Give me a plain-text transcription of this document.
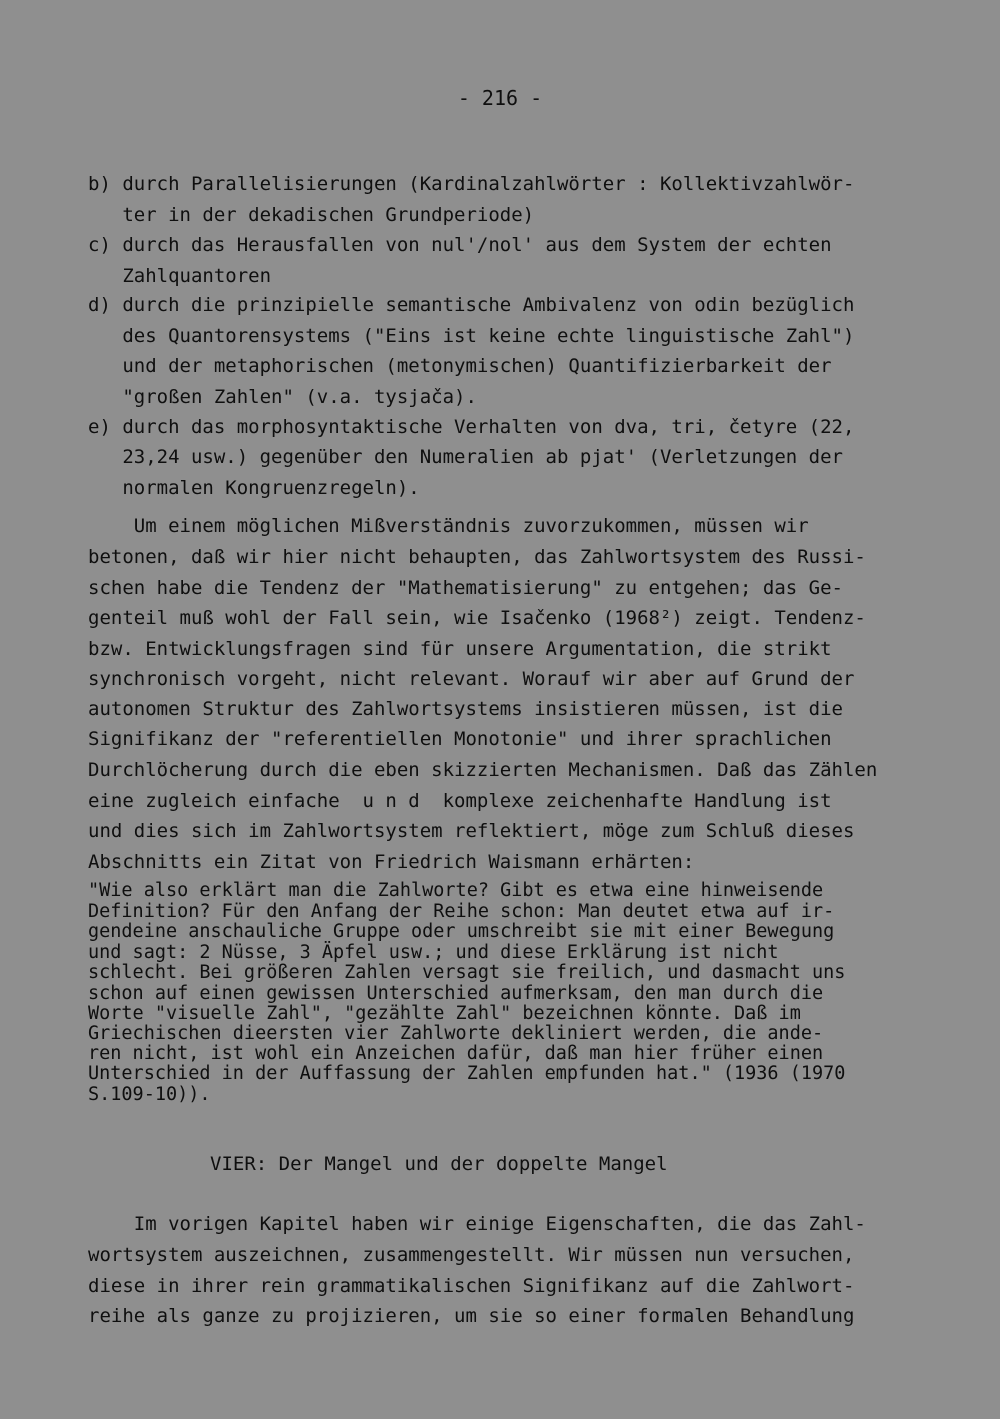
- 216 -
b) durch Parallelisierungen (Kardinalzahlwörter : Kollektivzahlwör-
ter in der dekadischen Grundperiode)
c) durch das Herausfallen von nul'/nol' aus dem System der echten
Zahlquantoren
d) durch die prinzipielle semantische Ambivalenz von odin bezüglich
des Quantorensystems ("Eins ist keine echte linguistische Zahl")
und der metaphorischen (metonymischen) Quantifizierbarkeit der
"großen Zahlen" (v.a. tysjača).
e) durch das morphosyntaktische Verhalten von dva, tri, četyre (22,
23,24 usw.) gegenüber den Numeralien ab pjat' (Verletzungen der
normalen Kongruenzregeln).
Um einem möglichen Mißverständnis zuvorzukommen, müssen wir
betonen, daß wir hier nicht behaupten, das Zahlwortsystem des Russi-
schen habe die Tendenz der "Mathematisierung" zu entgehen; das Ge-
genteil muß wohl der Fall sein, wie Isačenko (1968²) zeigt. Tendenz-
bzw. Entwicklungsfragen sind für unsere Argumentation, die strikt
synchronisch vorgeht, nicht relevant. Worauf wir aber auf Grund der
autonomen Struktur des Zahlwortsystems insistieren müssen, ist die
Signifikanz der "referentiellen Monotonie" und ihrer sprachlichen
Durchlöcherung durch die eben skizzierten Mechanismen. Daß das Zählen
eine zugleich einfache  u n d  komplexe zeichenhafte Handlung ist
und dies sich im Zahlwortsystem reflektiert, möge zum Schluß dieses
Abschnitts ein Zitat von Friedrich Waismann erhärten:
"Wie also erklärt man die Zahlworte? Gibt es etwa eine hinweisende
Definition? Für den Anfang der Reihe schon: Man deutet etwa auf ir-
gendeine anschauliche Gruppe oder umschreibt sie mit einer Bewegung
und sagt: 2 Nüsse, 3 Äpfel usw.; und diese Erklärung ist nicht
schlecht. Bei größeren Zahlen versagt sie freilich, und dasmacht uns
schon auf einen gewissen Unterschied aufmerksam, den man durch die
Worte "visuelle Zahl", "gezählte Zahl" bezeichnen könnte. Daß im
Griechischen dieersten vier Zahlworte dekliniert werden, die ande-
ren nicht, ist wohl ein Anzeichen dafür, daß man hier früher einen
Unterschied in der Auffassung der Zahlen empfunden hat." (1936 (1970
S.109-10)).
VIER: Der Mangel und der doppelte Mangel
Im vorigen Kapitel haben wir einige Eigenschaften, die das Zahl-
wortsystem auszeichnen, zusammengestellt. Wir müssen nun versuchen,
diese in ihrer rein grammatikalischen Signifikanz auf die Zahlwort-
reihe als ganze zu projizieren, um sie so einer formalen Behandlung
